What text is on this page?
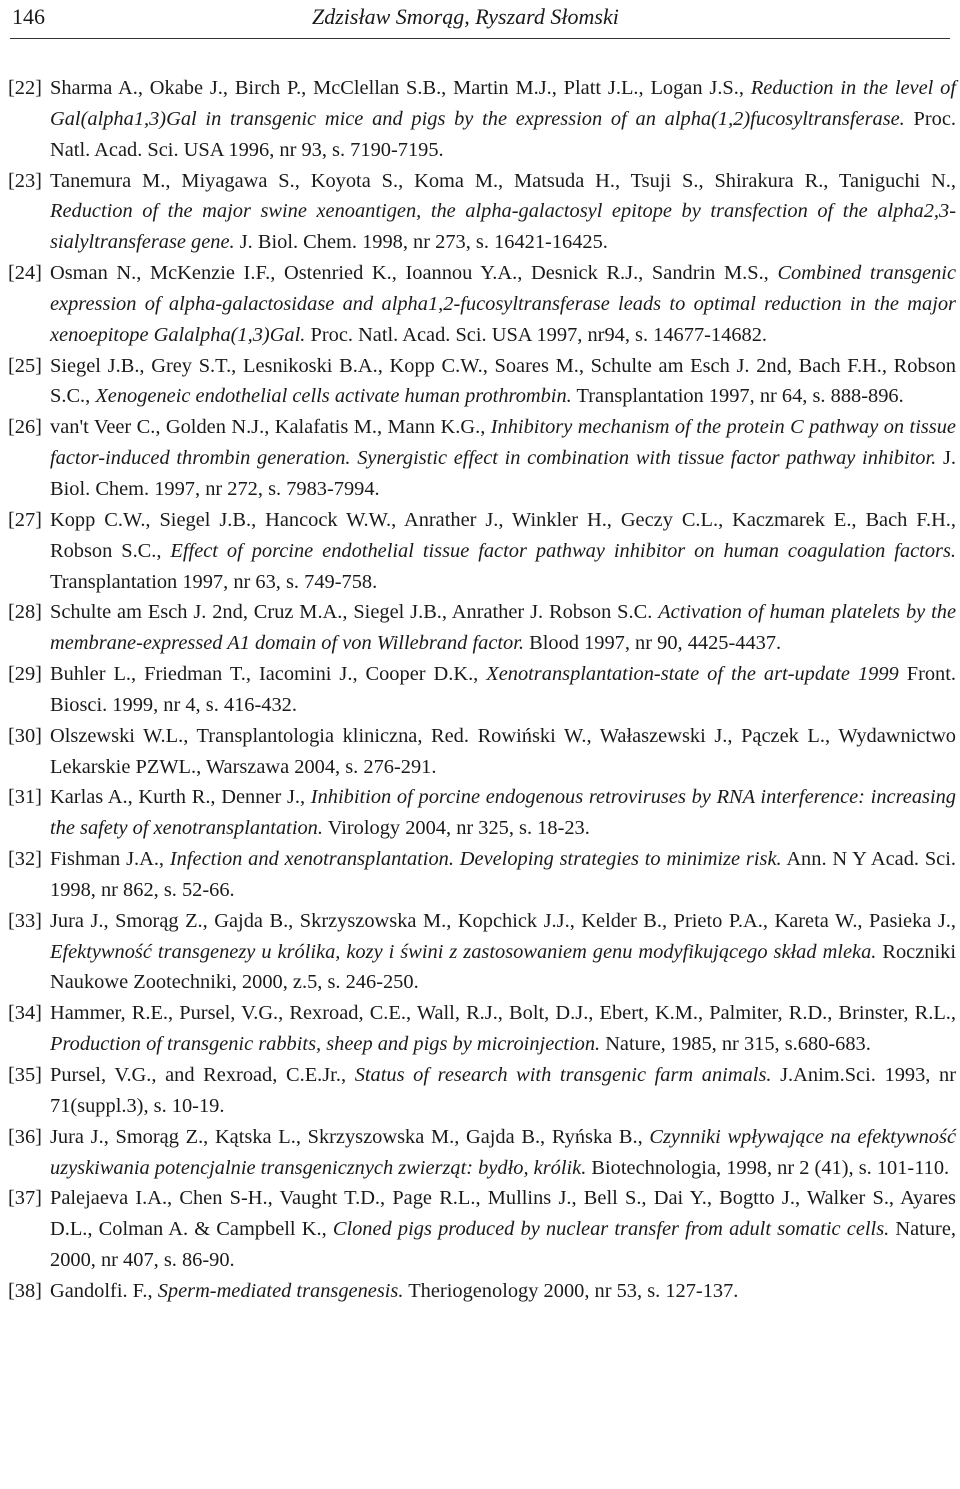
146	Zdzisław Smorąg, Ryszard Słomski
[22] Sharma A., Okabe J., Birch P., McClellan S.B., Martin M.J., Platt J.L., Logan J.S., Reduction in the level of Gal(alpha1,3)Gal in transgenic mice and pigs by the expression of an alpha(1,2)fucosyltransferase. Proc. Natl. Acad. Sci. USA 1996, nr 93, s. 7190-7195.
[23] Tanemura M., Miyagawa S., Koyota S., Koma M., Matsuda H., Tsuji S., Shirakura R., Taniguchi N., Reduction of the major swine xenoantigen, the alpha-galactosyl epitope by transfection of the alpha2,3-sialyltransferase gene. J. Biol. Chem. 1998, nr 273, s. 16421-16425.
[24] Osman N., McKenzie I.F., Ostenried K., Ioannou Y.A., Desnick R.J., Sandrin M.S., Combined transgenic expression of alpha-galactosidase and alpha1,2-fucosyltransferase leads to optimal reduction in the major xenoepitope Galalpha(1,3)Gal. Proc. Natl. Acad. Sci. USA 1997, nr94, s. 14677-14682.
[25] Siegel J.B., Grey S.T., Lesnikoski B.A., Kopp C.W., Soares M., Schulte am Esch J. 2nd, Bach F.H., Robson S.C., Xenogeneic endothelial cells activate human prothrombin. Transplantation 1997, nr 64, s. 888-896.
[26] van't Veer C., Golden N.J., Kalafatis M., Mann K.G., Inhibitory mechanism of the protein C pathway on tissue factor-induced thrombin generation. Synergistic effect in combination with tissue factor pathway inhibitor. J. Biol. Chem. 1997, nr 272, s. 7983-7994.
[27] Kopp C.W., Siegel J.B., Hancock W.W., Anrather J., Winkler H., Geczy C.L., Kaczmarek E., Bach F.H., Robson S.C., Effect of porcine endothelial tissue factor pathway inhibitor on human coagulation factors. Transplantation 1997, nr 63, s. 749-758.
[28] Schulte am Esch J. 2nd, Cruz M.A., Siegel J.B., Anrather J. Robson S.C. Activation of human platelets by the membrane-expressed A1 domain of von Willebrand factor. Blood 1997, nr 90, 4425-4437.
[29] Buhler L., Friedman T., Iacomini J., Cooper D.K., Xenotransplantation-state of the art-update 1999 Front. Biosci. 1999, nr 4, s. 416-432.
[30] Olszewski W.L., Transplantologia kliniczna, Red. Rowiński W., Wałaszewski J., Pączek L., Wydawnictwo Lekarskie PZWL., Warszawa 2004, s. 276-291.
[31] Karlas A., Kurth R., Denner J., Inhibition of porcine endogenous retroviruses by RNA interference: increasing the safety of xenotransplantation. Virology 2004, nr 325, s. 18-23.
[32] Fishman J.A., Infection and xenotransplantation. Developing strategies to minimize risk. Ann. N Y Acad. Sci. 1998, nr 862, s. 52-66.
[33] Jura J., Smorąg Z., Gajda B., Skrzyszowska M., Kopchick J.J., Kelder B., Prieto P.A., Kareta W., Pasieka J., Efektywność transgenezy u królika, kozy i świni z zastosowaniem genu modyfikującego skład mleka. Roczniki Naukowe Zootechniki, 2000, z.5, s. 246-250.
[34] Hammer, R.E., Pursel, V.G., Rexroad, C.E., Wall, R.J., Bolt, D.J., Ebert, K.M., Palmiter, R.D., Brinster, R.L., Production of transgenic rabbits, sheep and pigs by microinjection. Nature, 1985, nr 315, s.680-683.
[35] Pursel, V.G., and Rexroad, C.E.Jr., Status of research with transgenic farm animals. J.Anim.Sci. 1993, nr 71(suppl.3), s. 10-19.
[36] Jura J., Smorąg Z., Kątska L., Skrzyszowska M., Gajda B., Ryńska B., Czynniki wpływające na efektywność uzyskiwania potencjalnie transgenicznych zwierząt: bydło, królik. Biotechnologia, 1998, nr 2 (41), s. 101-110.
[37] Palejaeva I.A., Chen S-H., Vaught T.D., Page R.L., Mullins J., Bell S., Dai Y., Bogtto J., Walker S., Ayares D.L., Colman A. & Campbell K., Cloned pigs produced by nuclear transfer from adult somatic cells. Nature, 2000, nr 407, s. 86-90.
[38] Gandolfi. F., Sperm-mediated transgenesis. Theriogenology 2000, nr 53, s. 127-137.
